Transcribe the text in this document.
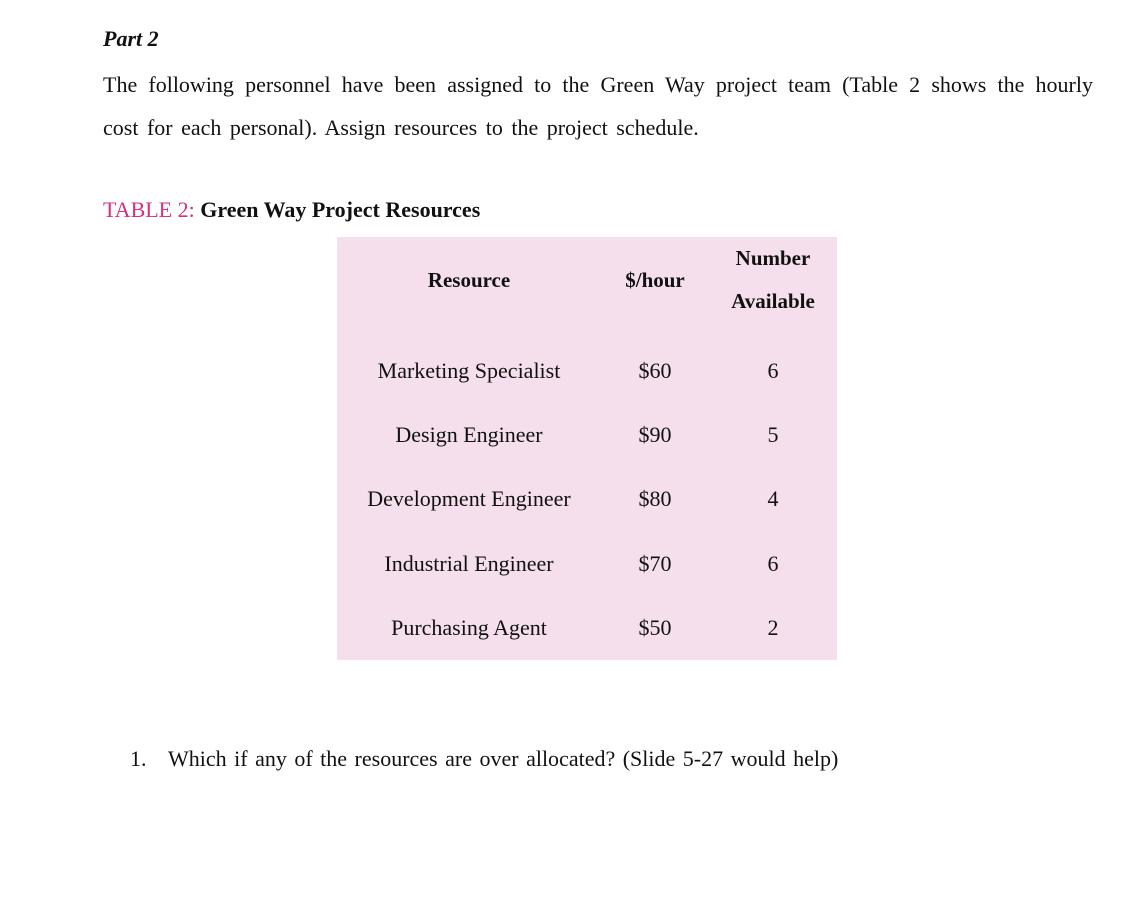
Part 2

The following personnel have been assigned to the Green Way project team (Table 2 shows the hourly cost for each personal). Assign resources to the project schedule.

TABLE 2: Green Way Project Resources

Resource	$/hour	Number
Available

Marketing Specialist	$60	6
Design Engineer	$90	5
Development Engineer	$80	4
Industrial Engineer	$70	6
Purchasing Agent	$50	2

1. Which if any of the resources are over allocated? (Slide 5-27 would help)
